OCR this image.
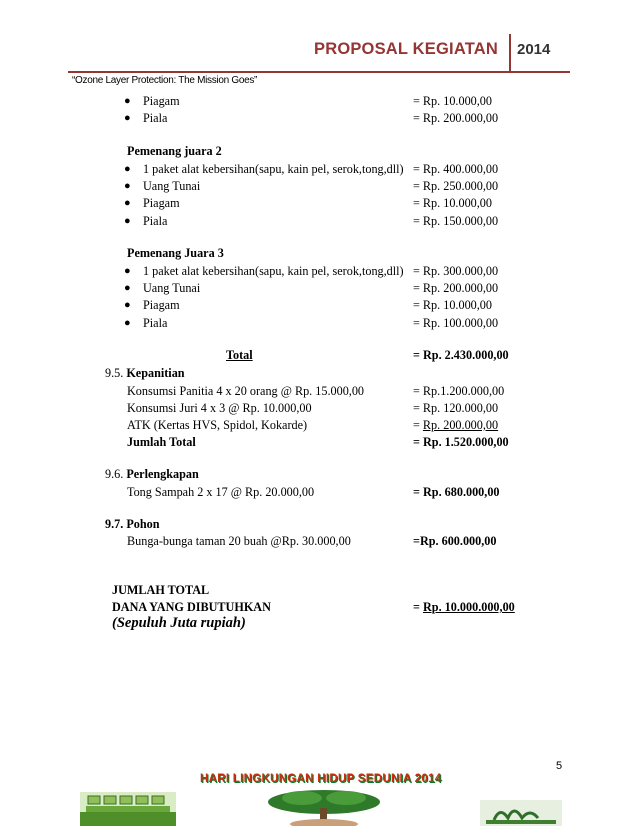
PROPOSAL KEGIATAN 2014
“Ozone Layer Protection: The Mission Goes”
● Piagam	= Rp. 10.000,00
● Piala	= Rp. 200.000,00
Pemenang juara 2
● 1 paket alat kebersihan(sapu, kain pel, serok,tong,dll) = Rp. 400.000,00
● Uang Tunai	= Rp. 250.000,00
● Piagam	= Rp. 10.000,00
● Piala	= Rp. 150.000,00
Pemenang Juara 3
● 1 paket alat kebersihan(sapu, kain pel, serok,tong,dll) = Rp. 300.000,00
● Uang Tunai	= Rp. 200.000,00
● Piagam	= Rp. 10.000,00
● Piala	= Rp. 100.000,00
Total	= Rp. 2.430.000,00
9.5. Kepanitian
Konsumsi Panitia 4 x 20 orang @ Rp. 15.000,00	= Rp.1.200.000,00
Konsumsi Juri 4 x 3 @ Rp. 10.000,00	= Rp. 120.000,00
ATK (Kertas HVS, Spidol, Kokarde)	= Rp. 200.000,00
Jumlah Total	= Rp. 1.520.000,00
9.6. Perlengkapan
Tong Sampah 2 x 17 @ Rp. 20.000,00	= Rp. 680.000,00
9.7. Pohon
Bunga-bunga taman 20 buah @Rp. 30.000,00	=Rp. 600.000,00
JUMLAH TOTAL
DANA YANG DIBUTUHKAN	= Rp. 10.000.000,00
(Sepuluh Juta rupiah)
5
HARI LINGKUNGAN HIDUP SEDUNIA 2014
